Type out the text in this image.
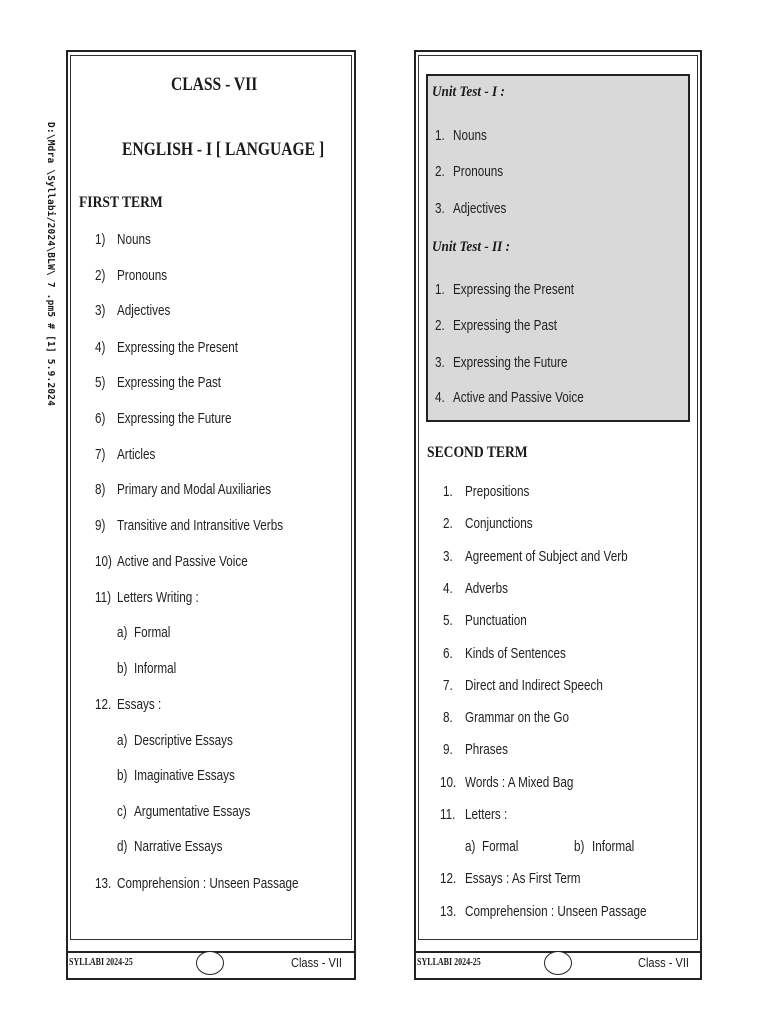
D:\Mdra \Syllabi/2024\BLW\ 7 .pm5 # [1] 5.9.2024
CLASS - VII
ENGLISH - I [ LANGUAGE ]
FIRST TERM
1) Nouns
2) Pronouns
3) Adjectives
4) Expressing the Present
5) Expressing the Past
6) Expressing the Future
7) Articles
8) Primary and Modal Auxiliaries
9) Transitive and Intransitive Verbs
10) Active and Passive Voice
11) Letters Writing :
a) Formal
b) Informal
12. Essays :
a) Descriptive Essays
b) Imaginative Essays
c) Argumentative Essays
d) Narrative Essays
13. Comprehension : Unseen Passage
SYLLABI 2024-25	Class - VII
Unit Test - I :
1. Nouns
2. Pronouns
3. Adjectives
Unit Test - II :
1. Expressing the Present
2. Expressing the Past
3. Expressing the Future
4. Active and Passive Voice
SECOND TERM
1. Prepositions
2. Conjunctions
3. Agreement of Subject and Verb
4. Adverbs
5. Punctuation
6. Kinds of Sentences
7. Direct and Indirect Speech
8. Grammar on the Go
9. Phrases
10. Words : A Mixed Bag
11. Letters :
a) Formal	b) Informal
12. Essays : As First Term
13. Comprehension : Unseen Passage
SYLLABI 2024-25	Class - VII
